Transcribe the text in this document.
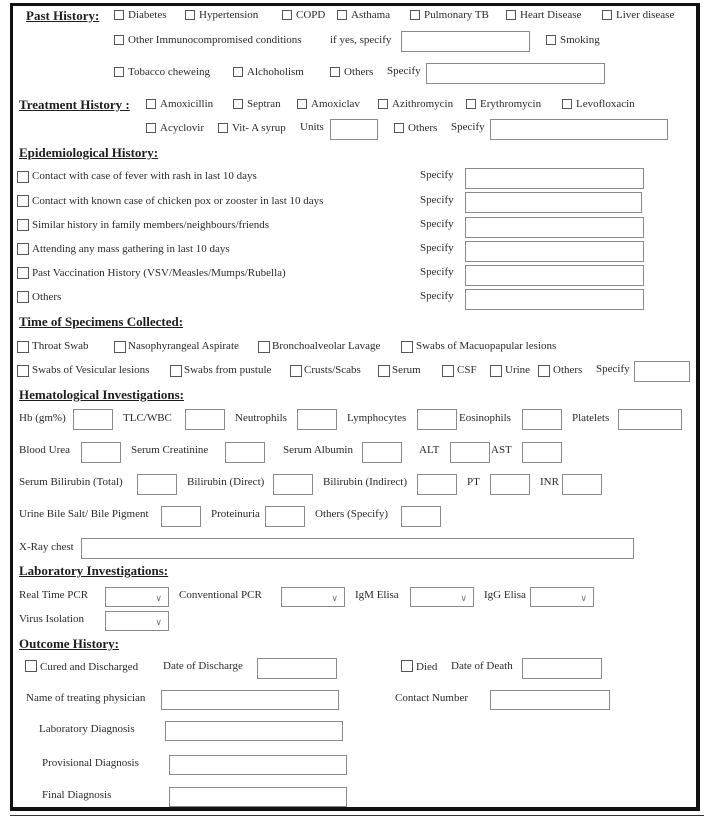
Past History:	Diabetes	Hypertension	COPD Asthama	Pulmonary TB	Heart Disease	Liver disease
Other Immunocompromised conditions	if yes, specify	Smoking
Tobacco cheweing	Alchoholism	Others Specify
Treatment History :	Amoxicillin	Septran	Amoxiclav	Azithromycin Erythromycin	Levofloxacin
Acyclovir	Vit- A syrup Units	Others Specify
Epidemiological History:
Contact with case of fever with rash in last 10 days	Specify
Contact with known case of chicken pox or zooster in last 10 days	Specify
Similar history in family members/neighbours/friends	Specify
Attending any mass gathering in last 10 days	Specify
Past Vaccination History (VSV/Measles/Mumps/Rubella)	Specify
Others	Specify
Time of Specimens Collected:
Throat Swab	Nasophyrangeal Aspirate	Bronchoalveolar Lavage	Swabs of Macuopapular lesions
Swabs of Vesicular lesions	Swabs from pustule	Crusts/Scabs	Serum	CSF	Urine Others Specify
Hematological Investigations:
Hb (gm%)	TLC/WBC	Neutrophils	Lymphocytes	Eosinophils	Platelets
Blood Urea	Serum Creatinine	Serum Albumin	ALT	AST
Serum Bilirubin (Total)	Bilirubin (Direct)	Bilirubin (Indirect)	PT	INR
Urine Bile Salt/ Bile Pigment	Proteinuria	Others (Specify)
X-Ray chest
Laboratory Investigations:
Real Time PCR	∨ Conventional PCR	∨ IgM Elisa	∨ IgG Elisa	∨
Virus Isolation	∨
Outcome History:
Cured and Discharged Date of Discharge	Died Date of Death
Name of treating physician	Contact Number
Laboratory Diagnosis
Provisional Diagnosis
Final Diagnosis
